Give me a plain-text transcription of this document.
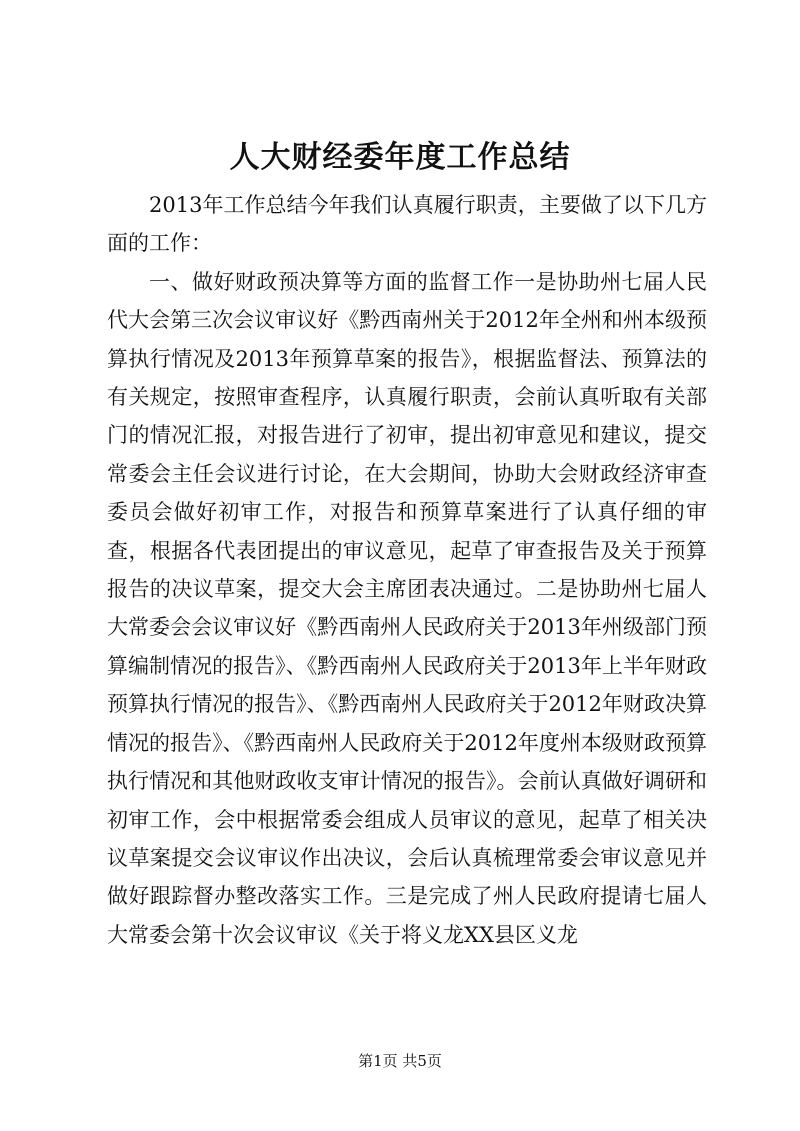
人大财经委年度工作总结

2013年工作总结今年我们认真履行职责，主要做了以下几方面的工作：

一、做好财政预决算等方面的监督工作一是协助州七届人民代大会第三次会议审议好《黔西南州关于2012年全州和州本级预算执行情况及2013年预算草案的报告》，根据监督法、预算法的有关规定，按照审查程序，认真履行职责，会前认真听取有关部门的情况汇报，对报告进行了初审，提出初审意见和建议，提交常委会主任会议进行讨论，在大会期间，协助大会财政经济审查委员会做好初审工作，对报告和预算草案进行了认真仔细的审查，根据各代表团提出的审议意见，起草了审查报告及关于预算报告的决议草案，提交大会主席团表决通过。二是协助州七届人大常委会会议审议好《黔西南州人民政府关于2013年州级部门预算编制情况的报告》、《黔西南州人民政府关于2013年上半年财政预算执行情况的报告》、《黔西南州人民政府关于2012年财政决算情况的报告》、《黔西南州人民政府关于2012年度州本级财政预算执行情况和其他财政收支审计情况的报告》。会前认真做好调研和初审工作，会中根据常委会组成人员审议的意见，起草了相关决议草案提交会议审议作出决议，会后认真梳理常委会审议意见并做好跟踪督办整改落实工作。三是完成了州人民政府提请七届人大常委会第十次会议审议《关于将义龙XX县区义龙

第1页 共5页
